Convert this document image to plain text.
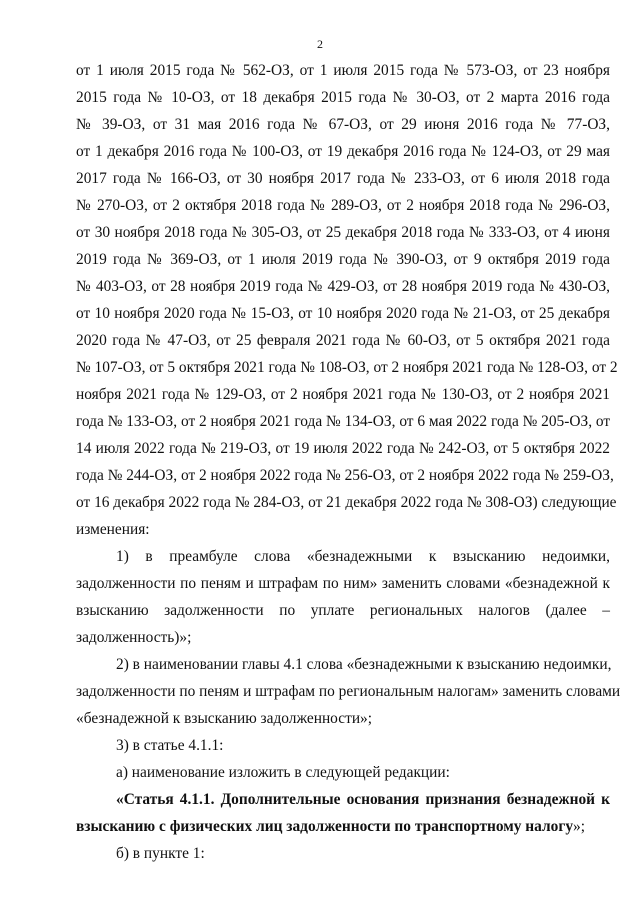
2
от 1 июля 2015 года № 562-ОЗ, от 1 июля 2015 года № 573-ОЗ, от 23 ноября
2015 года № 10-ОЗ, от 18 декабря 2015 года № 30-ОЗ, от 2 марта 2016 года
№ 39-ОЗ, от 31 мая 2016 года № 67-ОЗ, от 29 июня 2016 года № 77-ОЗ,
от 1 декабря 2016 года № 100-ОЗ, от 19 декабря 2016 года № 124-ОЗ, от 29 мая
2017 года № 166-ОЗ, от 30 ноября 2017 года № 233-ОЗ, от 6 июля 2018 года
№ 270-ОЗ, от 2 октября 2018 года № 289-ОЗ, от 2 ноября 2018 года № 296-ОЗ,
от 30 ноября 2018 года № 305-ОЗ, от 25 декабря 2018 года № 333-ОЗ, от 4 июня
2019 года № 369-ОЗ, от 1 июля 2019 года № 390-ОЗ, от 9 октября 2019 года
№ 403-ОЗ, от 28 ноября 2019 года № 429-ОЗ, от 28 ноября 2019 года № 430-ОЗ,
от 10 ноября 2020 года № 15-ОЗ, от 10 ноября 2020 года № 21-ОЗ, от 25 декабря
2020 года № 47-ОЗ, от 25 февраля 2021 года № 60-ОЗ, от 5 октября 2021 года
№ 107-ОЗ, от 5 октября 2021 года № 108-ОЗ, от 2 ноября 2021 года № 128-ОЗ, от 2
ноября 2021 года № 129-ОЗ, от 2 ноября 2021 года № 130-ОЗ, от 2 ноября 2021
года № 133-ОЗ, от 2 ноября 2021 года № 134-ОЗ, от 6 мая 2022 года № 205-ОЗ, от
14 июля 2022 года № 219-ОЗ, от 19 июля 2022 года № 242-ОЗ, от 5 октября 2022
года № 244-ОЗ, от 2 ноября 2022 года № 256-ОЗ, от 2 ноября 2022 года № 259-ОЗ,
от 16 декабря 2022 года № 284-ОЗ, от 21 декабря 2022 года № 308-ОЗ) следующие
изменения:
1) в преамбуле слова «безнадежными к взысканию недоимки,
задолженности по пеням и штрафам по ним» заменить словами «безнадежной к
взысканию задолженности по уплате региональных налогов (далее –
задолженность)»;
2) в наименовании главы 4.1 слова «безнадежными к взысканию недоимки,
задолженности по пеням и штрафам по региональным налогам» заменить словами
«безнадежной к взысканию задолженности»;
3) в статье 4.1.1:
а) наименование изложить в следующей редакции:
«Статья 4.1.1. Дополнительные основания признания безнадежной к
взысканию с физических лиц задолженности по транспортному налогу»;
б) в пункте 1:
